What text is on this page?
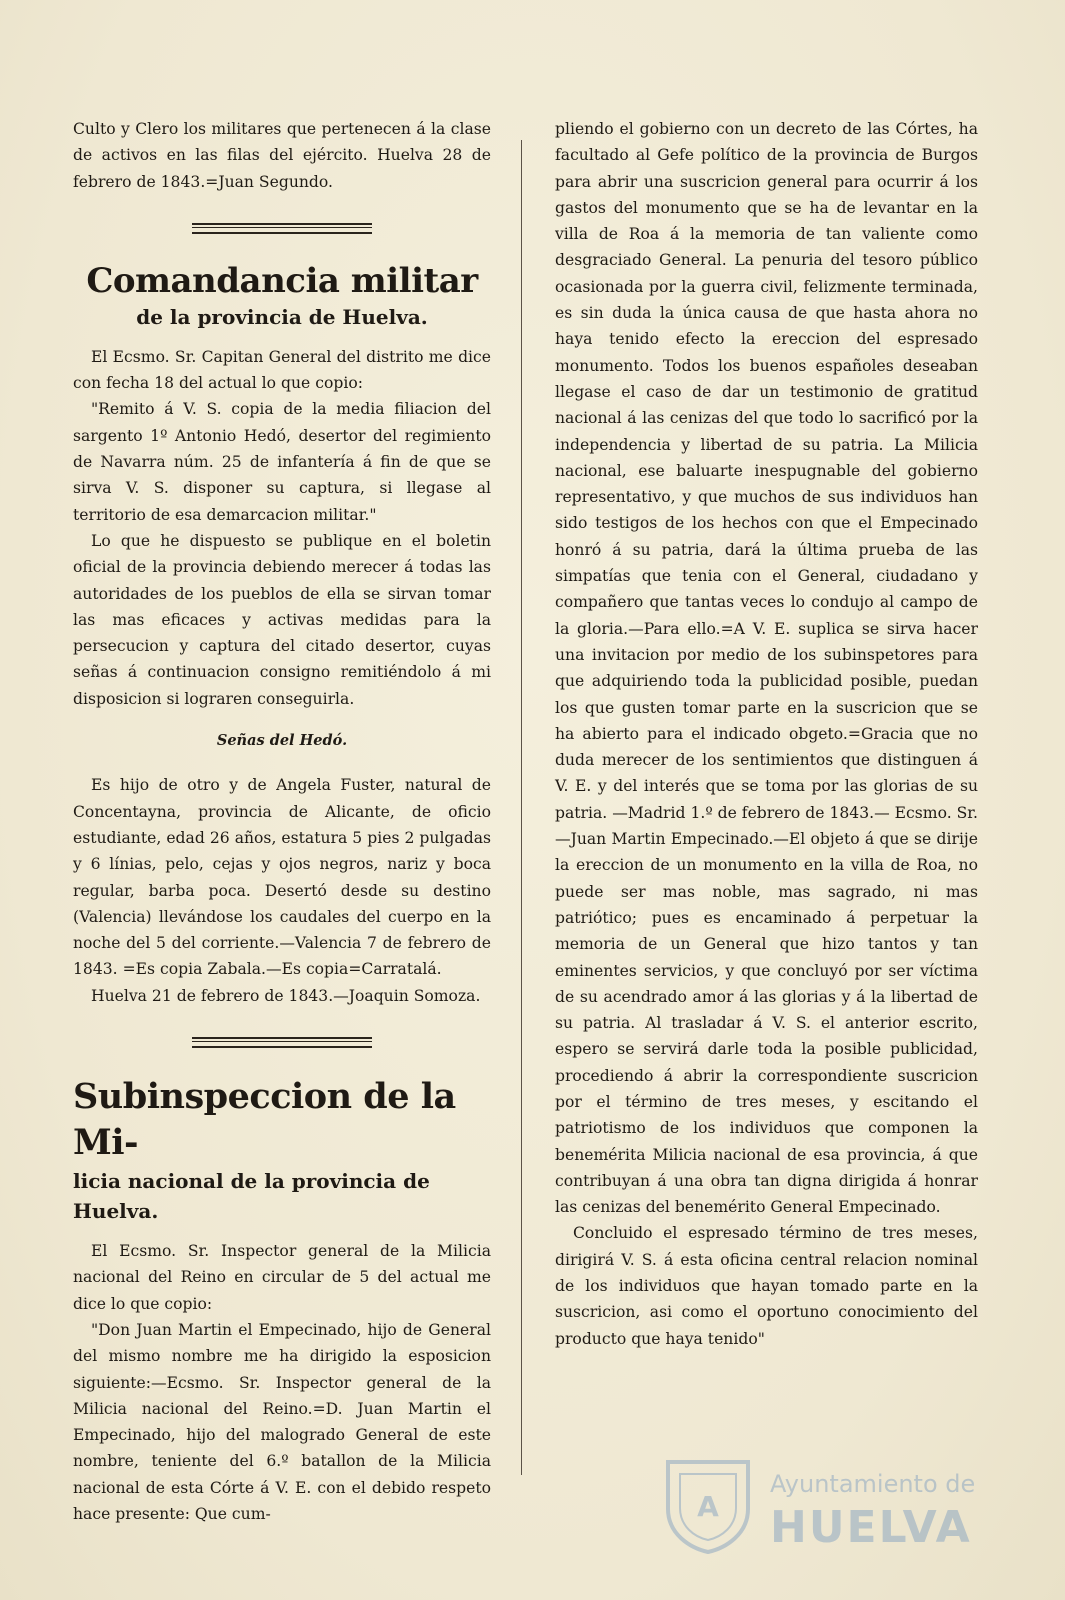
Culto y Clero los militares que pertenecen á la clase de activos en las filas del ejército. Huelva 28 de febrero de 1843.=Juan Segundo.

Comandancia militar
de la provincia de Huelva.

El Ecsmo. Sr. Capitan General del distrito me dice con fecha 18 del actual lo que copio:

"Remito á V. S. copia de la media filiacion del sargento 1º Antonio Hedó, desertor del regimiento de Navarra núm. 25 de infantería á fin de que se sirva V. S. disponer su captura, si llegase al territorio de esa demarcacion militar."

Lo que he dispuesto se publique en el boletin oficial de la provincia debiendo merecer á todas las autoridades de los pueblos de ella se sirvan tomar las mas eficaces y activas medidas para la persecucion y captura del citado desertor, cuyas señas á continuacion consigno remitiéndolo á mi disposicion si lograren conseguirla.

Señas del Hedó.

Es hijo de otro y de Angela Fuster, natural de Concentayna, provincia de Alicante, de oficio estudiante, edad 26 años, estatura 5 pies 2 pulgadas y 6 línias, pelo, cejas y ojos negros, nariz y boca regular, barba poca. Desertó desde su destino (Valencia) llevándose los caudales del cuerpo en la noche del 5 del corriente.—Valencia 7 de febrero de 1843. =Es copia Zabala.—Es copia=Carratalá.

Huelva 21 de febrero de 1843.—Joaquin Somoza.

Subinspeccion de la Mi-
licia nacional de la provincia de Huelva.

El Ecsmo. Sr. Inspector general de la Milicia nacional del Reino en circular de 5 del actual me dice lo que copio:

"Don Juan Martin el Empecinado, hijo de General del mismo nombre me ha dirigido la esposicion siguiente:—Ecsmo. Sr. Inspector general de la Milicia nacional del Reino.=D. Juan Martin el Empecinado, hijo del malogrado General de este nombre, teniente del 6.º batallon de la Milicia nacional de esta Córte á V. E. con el debido respeto hace presente: Que cum-

pliendo el gobierno con un decreto de las Córtes, ha facultado al Gefe político de la provincia de Burgos para abrir una suscricion general para ocurrir á los gastos del monumento que se ha de levantar en la villa de Roa á la memoria de tan valiente como desgraciado General. La penuria del tesoro público ocasionada por la guerra civil, felizmente terminada, es sin duda la única causa de que hasta ahora no haya tenido efecto la ereccion del espresado monumento. Todos los buenos españoles deseaban llegase el caso de dar un testimonio de gratitud nacional á las cenizas del que todo lo sacrificó por la independencia y libertad de su patria. La Milicia nacional, ese baluarte inespugnable del gobierno representativo, y que muchos de sus individuos han sido testigos de los hechos con que el Empecinado honró á su patria, dará la última prueba de las simpatías que tenia con el General, ciudadano y compañero que tantas veces lo condujo al campo de la gloria.—Para ello.=A V. E. suplica se sirva hacer una invitacion por medio de los subinspetores para que adquiriendo toda la publicidad posible, puedan los que gusten tomar parte en la suscricion que se ha abierto para el indicado obgeto.=Gracia que no duda merecer de los sentimientos que distinguen á V. E. y del interés que se toma por las glorias de su patria. —Madrid 1.º de febrero de 1843.— Ecsmo. Sr.—Juan Martin Empecinado.—El objeto á que se dirije la ereccion de un monumento en la villa de Roa, no puede ser mas noble, mas sagrado, ni mas patriótico; pues es encaminado á perpetuar la memoria de un General que hizo tantos y tan eminentes servicios, y que concluyó por ser víctima de su acendrado amor á las glorias y á la libertad de su patria. Al trasladar á V. S. el anterior escrito, espero se servirá darle toda la posible publicidad, procediendo á abrir la correspondiente suscricion por el término de tres meses, y escitando el patriotismo de los individuos que componen la benemérita Milicia nacional de esa provincia, á que contribuyan á una obra tan digna dirigida á honrar las cenizas del benemérito General Empecinado.

Concluido el espresado término de tres meses, dirigirá V. S. á esta oficina central relacion nominal de los individuos que hayan tomado parte en la suscricion, asi como el oportuno conocimiento del producto que haya tenido"

A
Ayuntamiento de
HUELVA
